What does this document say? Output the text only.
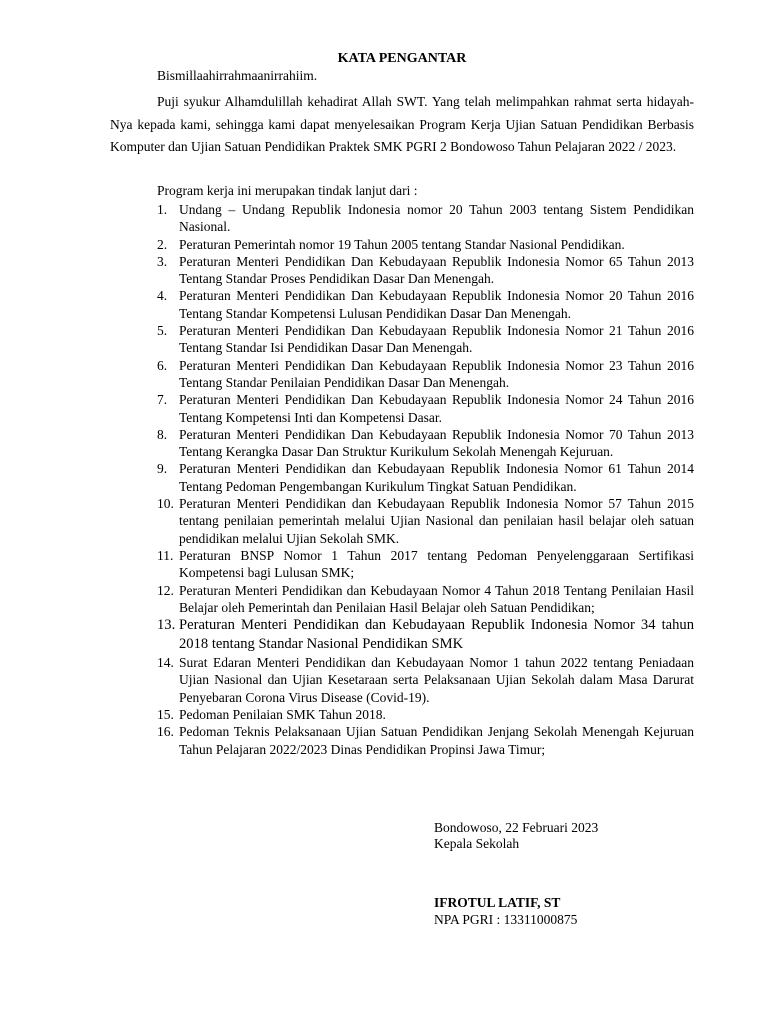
KATA PENGANTAR
Bismillaahirrahmaanirrahiim.

Puji syukur Alhamdulillah kehadirat Allah SWT. Yang telah melimpahkan rahmat serta hidayah-Nya kepada kami, sehingga kami dapat menyelesaikan Program Kerja Ujian Satuan Pendidikan Berbasis Komputer dan Ujian Satuan Pendidikan Praktek SMK PGRI 2 Bondowoso Tahun Pelajaran 2022 / 2023.

Program kerja ini merupakan tindak lanjut dari :
1. Undang – Undang Republik Indonesia nomor 20 Tahun 2003 tentang Sistem Pendidikan Nasional.
2. Peraturan Pemerintah nomor 19 Tahun 2005 tentang Standar Nasional Pendidikan.
3. Peraturan Menteri Pendidikan Dan Kebudayaan Republik Indonesia Nomor 65 Tahun 2013 Tentang Standar Proses Pendidikan Dasar Dan Menengah.
4. Peraturan Menteri Pendidikan Dan Kebudayaan Republik Indonesia Nomor 20 Tahun 2016 Tentang Standar Kompetensi Lulusan Pendidikan Dasar Dan Menengah.
5. Peraturan Menteri Pendidikan Dan Kebudayaan Republik Indonesia Nomor 21 Tahun 2016 Tentang Standar Isi Pendidikan Dasar Dan Menengah.
6. Peraturan Menteri Pendidikan Dan Kebudayaan Republik Indonesia Nomor 23 Tahun 2016 Tentang Standar Penilaian Pendidikan Dasar Dan Menengah.
7. Peraturan Menteri Pendidikan Dan Kebudayaan Republik Indonesia Nomor 24 Tahun 2016 Tentang Kompetensi Inti dan Kompetensi Dasar.
8. Peraturan Menteri Pendidikan Dan Kebudayaan Republik Indonesia Nomor 70 Tahun 2013 Tentang Kerangka Dasar Dan Struktur Kurikulum Sekolah Menengah Kejuruan.
9. Peraturan Menteri Pendidikan dan Kebudayaan Republik Indonesia Nomor 61 Tahun 2014 Tentang Pedoman Pengembangan Kurikulum Tingkat Satuan Pendidikan.
10. Peraturan Menteri Pendidikan dan Kebudayaan Republik Indonesia Nomor 57 Tahun 2015 tentang penilaian pemerintah melalui Ujian Nasional dan penilaian hasil belajar oleh satuan pendidikan melalui Ujian Sekolah SMK.
11. Peraturan BNSP Nomor 1 Tahun 2017 tentang Pedoman Penyelenggaraan Sertifikasi Kompetensi bagi Lulusan SMK;
12. Peraturan Menteri Pendidikan dan Kebudayaan Nomor 4 Tahun 2018 Tentang Penilaian Hasil Belajar oleh Pemerintah dan Penilaian Hasil Belajar oleh Satuan Pendidikan;
13. Peraturan Menteri Pendidikan dan Kebudayaan Republik Indonesia Nomor 34 tahun 2018 tentang Standar Nasional Pendidikan SMK
14. Surat Edaran Menteri Pendidikan dan Kebudayaan Nomor 1 tahun 2022 tentang Peniadaan Ujian Nasional dan Ujian Kesetaraan serta Pelaksanaan Ujian Sekolah dalam Masa Darurat Penyebaran Corona Virus Disease (Covid-19).
15. Pedoman Penilaian SMK Tahun 2018.
16. Pedoman Teknis Pelaksanaan Ujian Satuan Pendidikan Jenjang Sekolah Menengah Kejuruan Tahun Pelajaran 2022/2023 Dinas Pendidikan Propinsi Jawa Timur;
Bondowoso, 22 Februari 2023
Kepala Sekolah
IFROTUL LATIF, ST
NPA PGRI : 13311000875
